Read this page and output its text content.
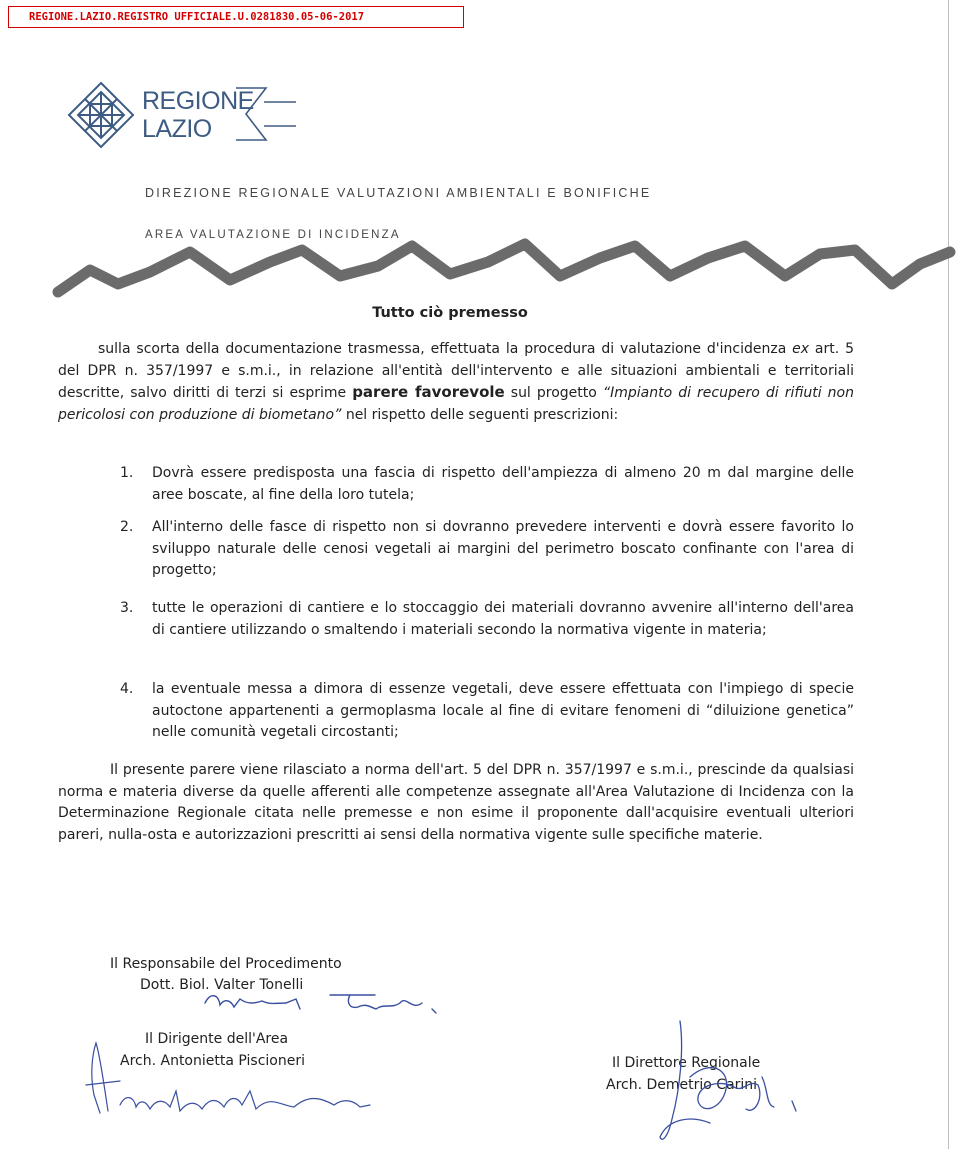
REGIONE.LAZIO.REGISTRO UFFICIALE.U.0281830.05-06-2017
REGIONE
LAZIO
DIREZIONE REGIONALE VALUTAZIONI AMBIENTALI E BONIFICHE
AREA VALUTAZIONE DI INCIDENZA
Tutto ciò premesso
sulla scorta della documentazione trasmessa, effettuata la procedura di valutazione d'incidenza ex art. 5 del DPR n. 357/1997 e s.m.i., in relazione all'entità dell'intervento e alle situazioni ambientali e territoriali descritte, salvo diritti di terzi si esprime parere favorevole sul progetto “Impianto di recupero di rifiuti non pericolosi con produzione di biometano” nel rispetto delle seguenti prescrizioni:
1. Dovrà essere predisposta una fascia di rispetto dell'ampiezza di almeno 20 m dal margine delle aree boscate, al fine della loro tutela;
2. All'interno delle fasce di rispetto non si dovranno prevedere interventi e dovrà essere favorito lo sviluppo naturale delle cenosi vegetali ai margini del perimetro boscato confinante con l'area di progetto;
3. tutte le operazioni di cantiere e lo stoccaggio dei materiali dovranno avvenire all'interno dell'area di cantiere utilizzando o smaltendo i materiali secondo la normativa vigente in materia;
4. la eventuale messa a dimora di essenze vegetali, deve essere effettuata con l'impiego di specie autoctone appartenenti a germoplasma locale al fine di evitare fenomeni di “diluizione genetica” nelle comunità vegetali circostanti;
Il presente parere viene rilasciato a norma dell'art. 5 del DPR n. 357/1997 e s.m.i., prescinde da qualsiasi norma e materia diverse da quelle afferenti alle competenze assegnate all'Area Valutazione di Incidenza con la Determinazione Regionale citata nelle premesse e non esime il proponente dall'acquisire eventuali ulteriori pareri, nulla-osta e autorizzazioni prescritti ai sensi della normativa vigente sulle specifiche materie.
Il Responsabile del Procedimento
Dott. Biol. Valter Tonelli
Il Dirigente dell'Area
Arch. Antonietta Piscioneri	Il Direttore Regionale
Arch. Demetrio Carini
